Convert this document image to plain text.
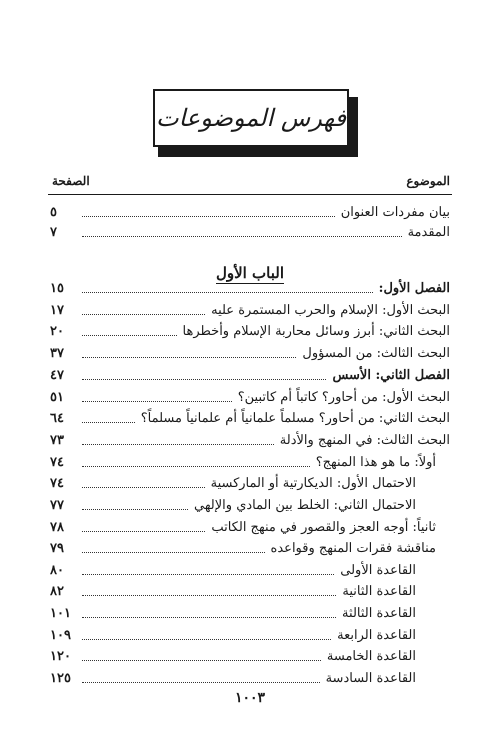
فهرس الموضوعات
الموضوع
الصفحة
الباب الأول
بيان مفردات العنوان
٥
المقدمة
٧
الفصل الأول:
١٥
البحث الأول: الإسلام والحرب المستمرة عليه
١٧
البحث الثاني: أبرز وسائل محاربة الإسلام وأخطرها
٢٠
البحث الثالث: من المسؤول
٣٧
الفصل الثاني: الأسس
٤٧
البحث الأول: من أحاور؟ كاتباً أم كاتبين؟
٥١
البحث الثاني: من أحاور؟ مسلماً علمانياً أم علمانياً مسلماً؟
٦٤
البحث الثالث: في المنهج والأدلة
٧٣
أولاً: ما هو هذا المنهج؟
٧٤
الاحتمال الأول: الديكارتية أو الماركسية
٧٤
الاحتمال الثاني: الخلط بين المادي والإلهي
٧٧
ثانياً: أوجه العجز والقصور في منهج الكاتب
٧٨
مناقشة فقرات المنهج وقواعده
٧٩
القاعدة الأولى
٨٠
القاعدة الثانية
٨٢
القاعدة الثالثة
١٠١
القاعدة الرابعة
١٠٩
القاعدة الخامسة
١٢٠
القاعدة السادسة
١٢٥
١٠٠٣
